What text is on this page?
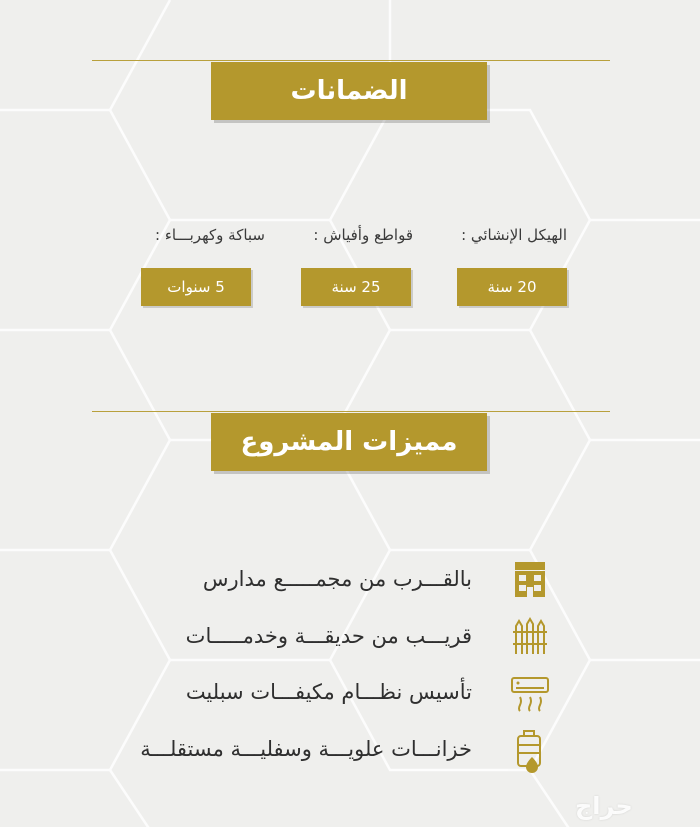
الضمانات
الهيكل الإنشائي :
قواطع وأفياش :
سباكة وكهربـــاء :
20 سنة
25 سنة
5 سنوات
مميزات المشروع
بالقـــرب من مجمـــــع مدارس
قريـــب من حديقـــة وخدمـــــات
تأسيس نظـــام مكيفـــات سبليت
خزانـــات علويـــة وسفليـــة مستقلـــة
حراج
